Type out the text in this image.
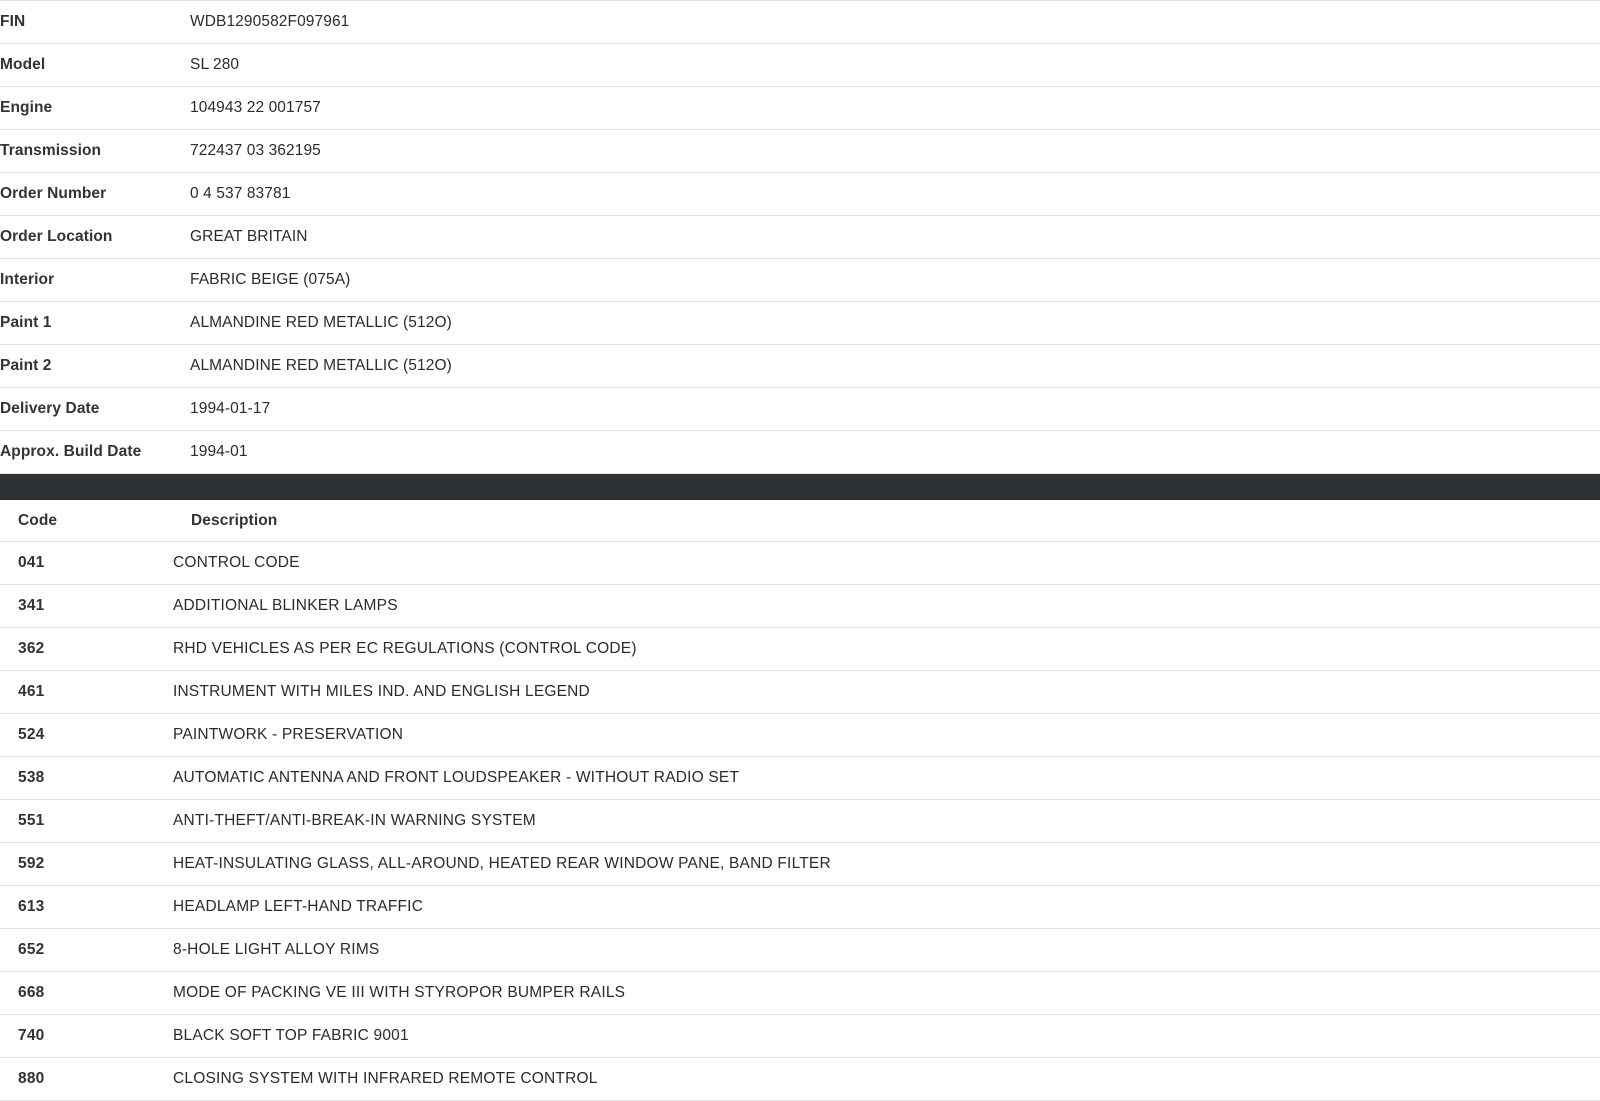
FIN	WDB1290582F097961
Model	SL 280
Engine	104943 22 001757
Transmission	722437 03 362195
Order Number	0 4 537 83781
Order Location	GREAT BRITAIN
Interior	FABRIC BEIGE (075A)
Paint 1	ALMANDINE RED METALLIC (512O)
Paint 2	ALMANDINE RED METALLIC (512O)
Delivery Date	1994-01-17
Approx. Build Date	1994-01
Code	Description
041	CONTROL CODE
341	ADDITIONAL BLINKER LAMPS
362	RHD VEHICLES AS PER EC REGULATIONS (CONTROL CODE)
461	INSTRUMENT WITH MILES IND. AND ENGLISH LEGEND
524	PAINTWORK - PRESERVATION
538	AUTOMATIC ANTENNA AND FRONT LOUDSPEAKER - WITHOUT RADIO SET
551	ANTI-THEFT/ANTI-BREAK-IN WARNING SYSTEM
592	HEAT-INSULATING GLASS, ALL-AROUND, HEATED REAR WINDOW PANE, BAND FILTER
613	HEADLAMP LEFT-HAND TRAFFIC
652	8-HOLE LIGHT ALLOY RIMS
668	MODE OF PACKING VE III WITH STYROPOR BUMPER RAILS
740	BLACK SOFT TOP FABRIC 9001
880	CLOSING SYSTEM WITH INFRARED REMOTE CONTROL
